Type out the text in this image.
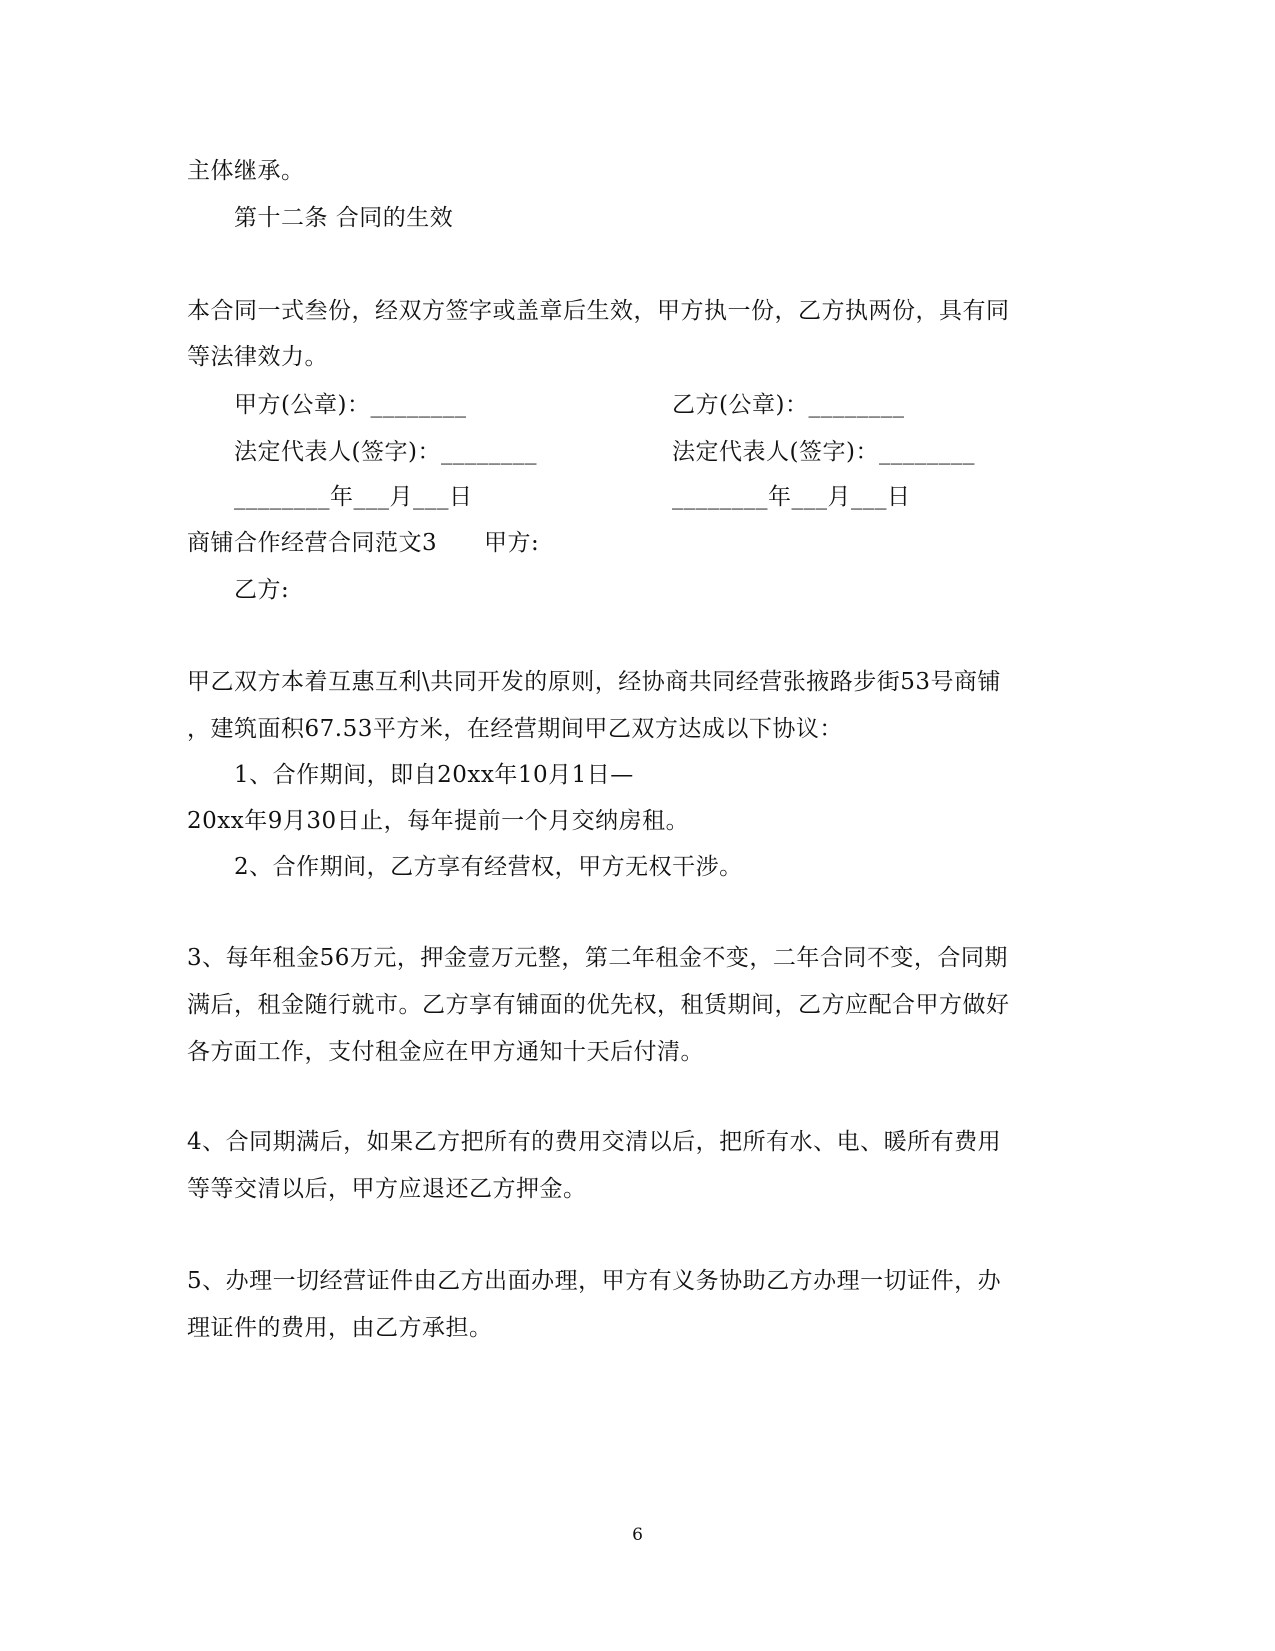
主体继承。
第十二条 合同的生效
本合同一式叁份，经双方签字或盖章后生效，甲方执一份，乙方执两份，具有同
等法律效力。
甲方(公章)：________	乙方(公章)：________
法定代表人(签字)：________	法定代表人(签字)：________
________年___月___日	________年___月___日
商铺合作经营合同范文3 甲方:
乙方:
甲乙双方本着互惠互利\共同开发的原则，经协商共同经营张掖路步街53号商铺
，建筑面积67.53平方米，在经营期间甲乙双方达成以下协议：
1、合作期间，即自20xx年10月1日—
20xx年9月30日止，每年提前一个月交纳房租。
2、合作期间，乙方享有经营权，甲方无权干涉。
3、每年租金56万元，押金壹万元整，第二年租金不变，二年合同不变，合同期
满后，租金随行就市。乙方享有铺面的优先权，租赁期间，乙方应配合甲方做好
各方面工作，支付租金应在甲方通知十天后付清。
4、合同期满后，如果乙方把所有的费用交清以后，把所有水、电、暖所有费用
等等交清以后，甲方应退还乙方押金。
5、办理一切经营证件由乙方出面办理，甲方有义务协助乙方办理一切证件，办
理证件的费用，由乙方承担。
6
